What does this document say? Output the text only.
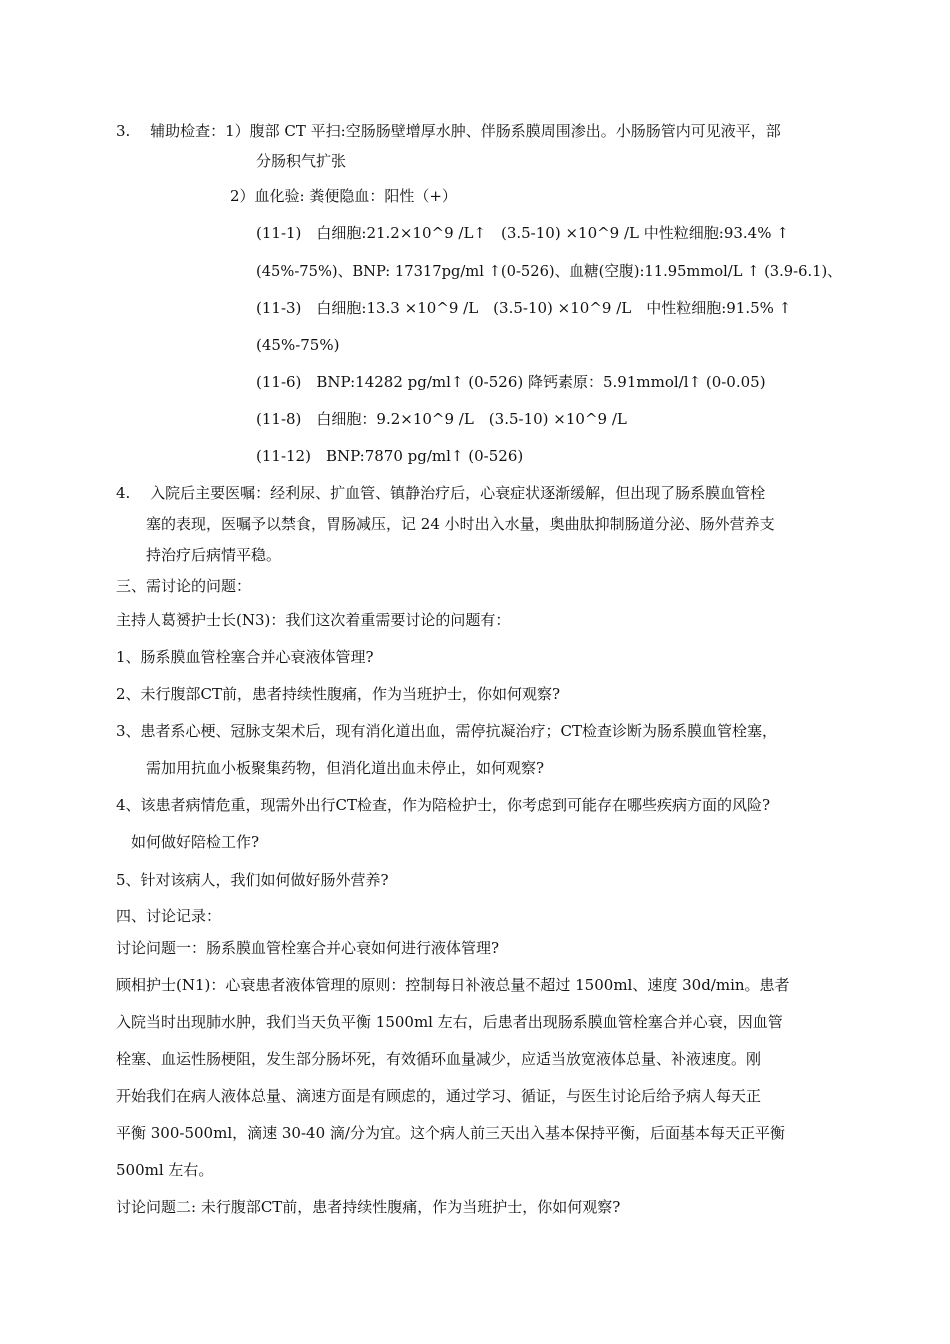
3.　 辅助检查：1）腹部 CT 平扫:空肠肠壁增厚水肿、伴肠系膜周围渗出。小肠肠管内可见液平，部
分肠积气扩张
2）血化验: 粪便隐血：阳性（+）
(11-1)　白细胞:21.2×10^9 /L↑　(3.5-10) ×10^9 /L 中性粒细胞:93.4% ↑
(45%-75%)、BNP: 17317pg/ml ↑(0-526)、血糖(空腹):11.95mmol/L ↑ (3.9-6.1)、
(11-3)　白细胞:13.3 ×10^9 /L　(3.5-10) ×10^9 /L　中性粒细胞:91.5% ↑
(45%-75%)
(11-6)　BNP:14282 pg/ml↑ (0-526) 降钙素原：5.91mmol/l↑ (0-0.05)
(11-8)　白细胞：9.2×10^9 /L　(3.5-10) ×10^9 /L
(11-12)　BNP:7870 pg/ml↑ (0-526)
4.　 入院后主要医嘱：经利尿、扩血管、镇静治疗后，心衰症状逐渐缓解，但出现了肠系膜血管栓
塞的表现，医嘱予以禁食，胃肠减压，记 24 小时出入水量，奥曲肽抑制肠道分泌、肠外营养支
持治疗后病情平稳。
三、需讨论的问题：
主持人葛赟护士长(N3)：我们这次着重需要讨论的问题有：
1、肠系膜血管栓塞合并心衰液体管理?
2、未行腹部CT前，患者持续性腹痛，作为当班护士，你如何观察?
3、患者系心梗、冠脉支架术后，现有消化道出血，需停抗凝治疗；CT检查诊断为肠系膜血管栓塞，
需加用抗血小板聚集药物，但消化道出血未停止，如何观察?
4、该患者病情危重，现需外出行CT检查，作为陪检护士，你考虑到可能存在哪些疾病方面的风险?
如何做好陪检工作?
5、针对该病人，我们如何做好肠外营养?
四、讨论记录：
讨论问题一：肠系膜血管栓塞合并心衰如何进行液体管理?
顾相护士(N1)：心衰患者液体管理的原则：控制每日补液总量不超过 1500ml、速度 30d/min。患者
入院当时出现肺水肿，我们当天负平衡 1500ml 左右，后患者出现肠系膜血管栓塞合并心衰，因血管
栓塞、血运性肠梗阻，发生部分肠坏死，有效循环血量减少，应适当放宽液体总量、补液速度。刚
开始我们在病人液体总量、滴速方面是有顾虑的，通过学习、循证，与医生讨论后给予病人每天正
平衡 300-500ml，滴速 30-40 滴/分为宜。这个病人前三天出入基本保持平衡，后面基本每天正平衡
500ml 左右。
讨论问题二: 未行腹部CT前，患者持续性腹痛，作为当班护士，你如何观察?
